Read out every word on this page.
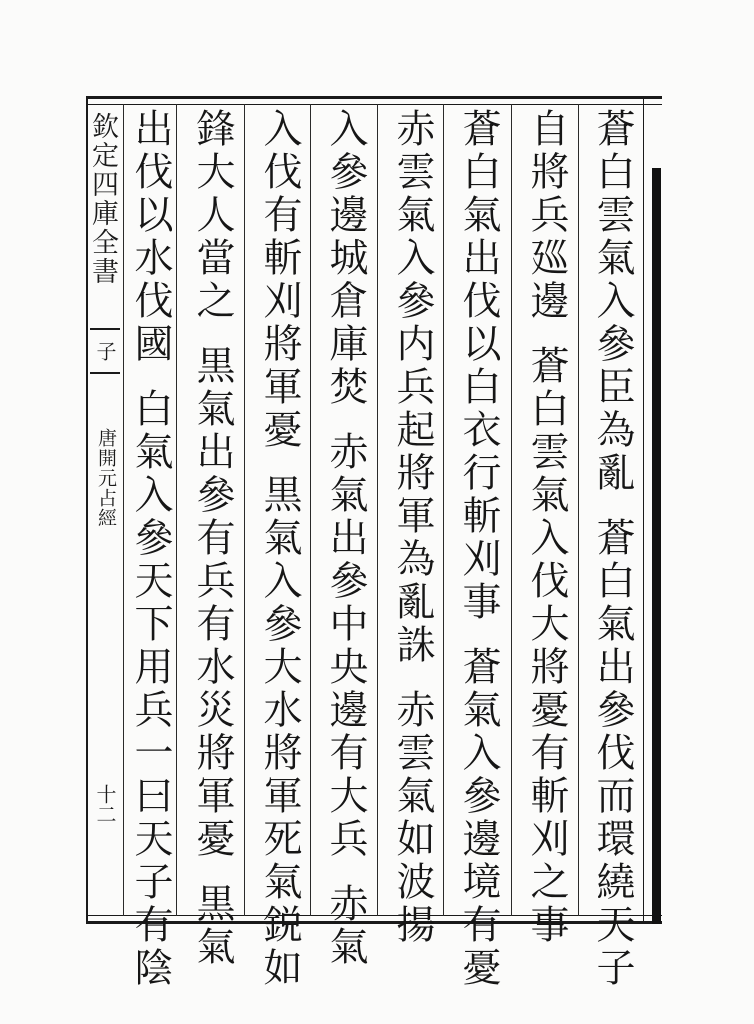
欽定四庫全書
子
唐開元占經
十二
蒼白雲氣入參臣為亂蒼白氣出參伐而環繞天子
自將兵廵邊蒼白雲氣入伐大將憂有斬刈之事
蒼白氣出伐以白衣行斬刈事蒼氣入參邊境有憂
赤雲氣入參内兵起將軍為亂誅赤雲氣如波揚
入參邊城倉庫焚赤氣出參中央邊有大兵赤氣
入伐有斬刈將軍憂黒氣入參大水將軍死氣鋭如
鋒大人當之黒氣出參有兵有水災將軍憂黒氣
出伐以水伐國白氣入參天下用兵一曰天子有陰
